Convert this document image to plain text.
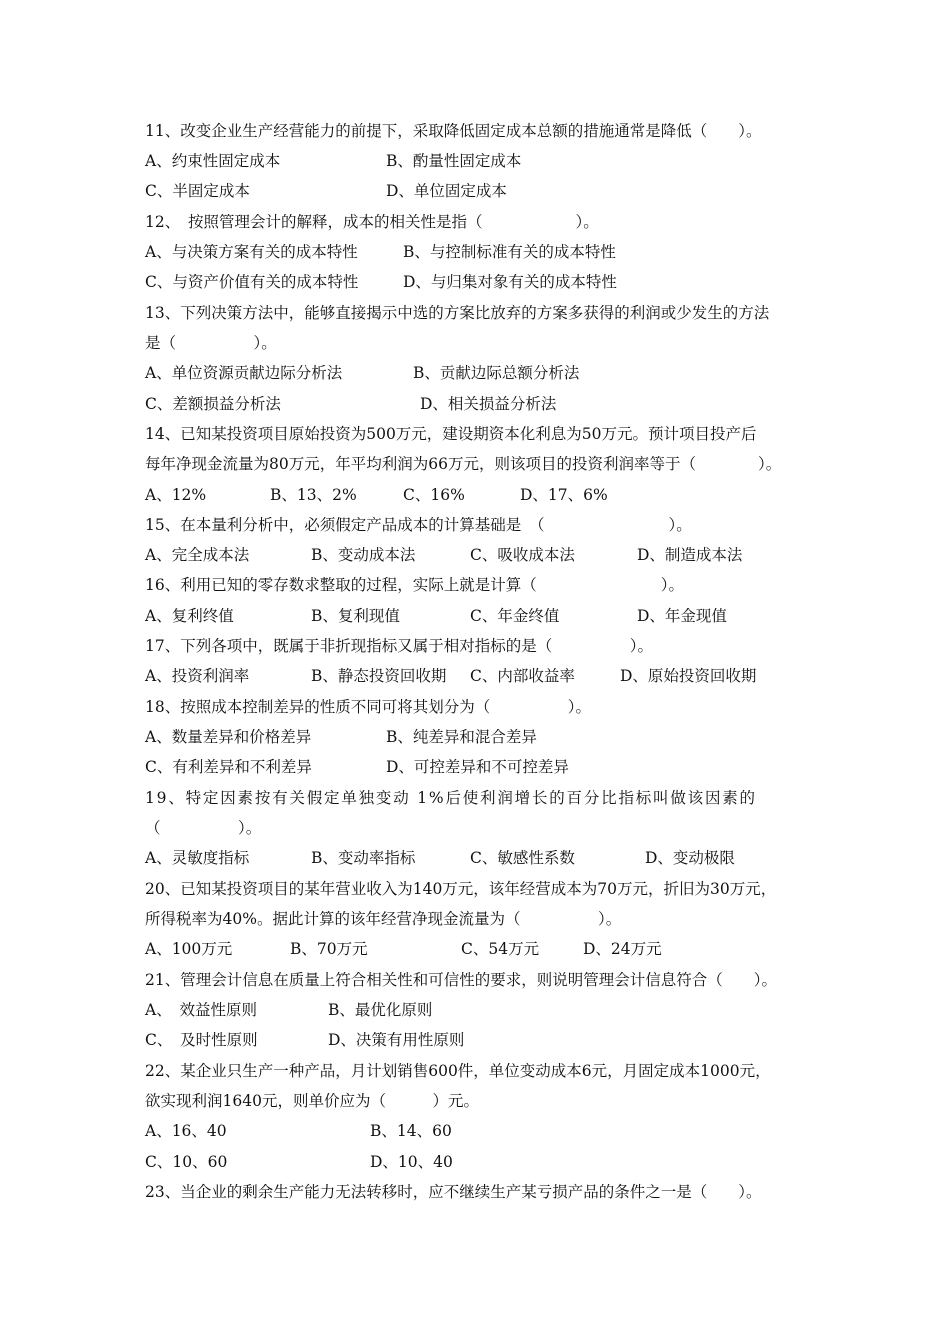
11、改变企业生产经营能力的前提下，采取降低固定成本总额的措施通常是降低（　　）。

A、约束性固定成本

	B、酌量性固定成本

C、半固定成本

	D、单位固定成本

12、　按照管理会计的解释，成本的相关性是指（　　　　　　）。

A、与决策方案有关的成本特性

	B、与控制标准有关的成本特性

C、与资产价值有关的成本特性

	D、与归集对象有关的成本特性

13、下列决策方法中，能够直接揭示中选的方案比放弃的方案多获得的利润或少发生的方法
是（　　　　　）。

A、单位资源贡献边际分析法

	B、贡献边际总额分析法

C、差额损益分析法

	D、相关损益分析法

14、已知某投资项目原始投资为500万元，建设期资本化利息为50万元。预计项目投产后
每年净现金流量为80万元，年平均利润为66万元，则该项目的投资利润率等于（　　　　）。

A、12%

	B、13、2%

	C、16%

	D、17、6%

15、在本量利分析中，必须假定产品成本的计算基础是　（　　　　　　　　）。

A、完全成本法

	B、变动成本法

	C、吸收成本法

	D、制造成本法

16、利用已知的零存数求整取的过程，实际上就是计算（　　　　　　　　）。

A、复利终值

	B、复利现值

	C、年金终值

	D、年金现值

17、下列各项中，既属于非折现指标又属于相对指标的是（　　　　　）。

A、投资利润率

	B、静态投资回收期

C、内部收益率

	D、原始投资回收期

18、按照成本控制差异的性质不同可将其划分为（　　　　　）。

A、数量差异和价格差异

	B、纯差异和混合差异

C、有利差异和不利差异

	D、可控差异和不可控差异

19、特定因素按有关假定单独变动 1%后使利润增长的百分比指标叫做该因素的
（　　　　　）。

A、灵敏度指标

	B、变动率指标

	C、敏感性系数

	D、变动极限

20、已知某投资项目的某年营业收入为140万元，该年经营成本为70万元，折旧为30万元，
所得税率为40%。据此计算的该年经营净现金流量为（　　　　　）。

A、100万元

	B、70万元

	C、54万元

	D、24万元

21、管理会计信息在质量上符合相关性和可信性的要求，则说明管理会计信息符合（　　）。

A、　效益性原则

	B、最优化原则

C、　及时性原则

	D、决策有用性原则

22、某企业只生产一种产品，月计划销售600件，单位变动成本6元，月固定成本1000元，
欲实现利润1640元，则单价应为（　　　）元。

A、16、40

	B、14、60

C、10、60

	D、10、40

23、当企业的剩余生产能力无法转移时，应不继续生产某亏损产品的条件之一是（　　）。
